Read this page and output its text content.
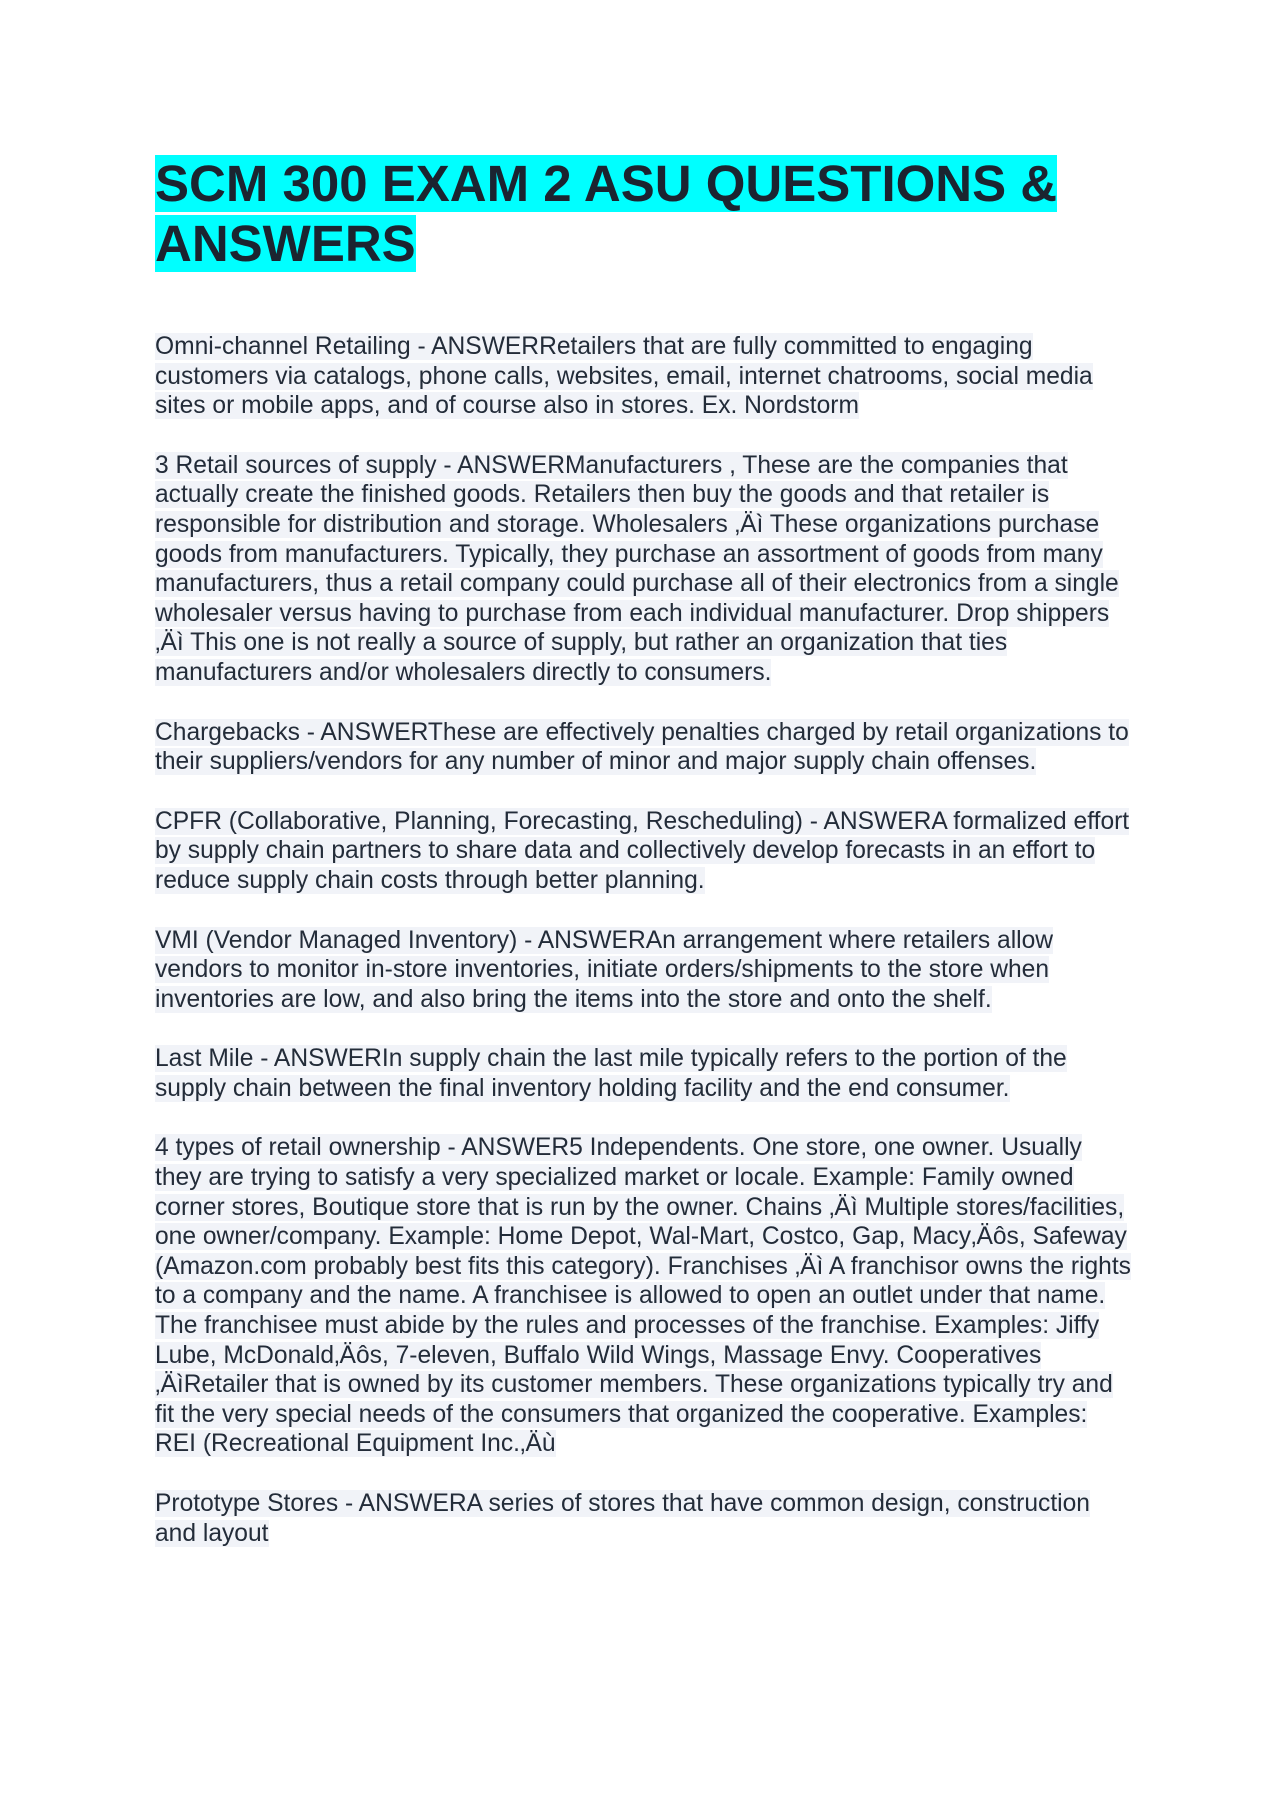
SCM 300 EXAM 2 ASU QUESTIONS & ANSWERS

Omni-channel Retailing - ANSWERRetailers that are fully committed to engaging customers via catalogs, phone calls, websites, email, internet chatrooms, social media sites or mobile apps, and of course also in stores. Ex. Nordstorm

3 Retail sources of supply - ANSWERManufacturers , These are the companies that actually create the finished goods. Retailers then buy the goods and that retailer is responsible for distribution and storage. Wholesalers ‚Äì These organizations purchase goods from manufacturers. Typically, they purchase an assortment of goods from many manufacturers, thus a retail company could purchase all of their electronics from a single wholesaler versus having to purchase from each individual manufacturer. Drop shippers ‚Äì This one is not really a source of supply, but rather an organization that ties manufacturers and/or wholesalers directly to consumers.

Chargebacks - ANSWERThese are effectively penalties charged by retail organizations to their suppliers/vendors for any number of minor and major supply chain offenses.

CPFR (Collaborative, Planning, Forecasting, Rescheduling) - ANSWERA formalized effort by supply chain partners to share data and collectively develop forecasts in an effort to reduce supply chain costs through better planning.

VMI (Vendor Managed Inventory) - ANSWERAn arrangement where retailers allow vendors to monitor in-store inventories, initiate orders/shipments to the store when inventories are low, and also bring the items into the store and onto the shelf.

Last Mile - ANSWERIn supply chain the last mile typically refers to the portion of the supply chain between the final inventory holding facility and the end consumer.

4 types of retail ownership - ANSWER5 Independents. One store, one owner. Usually they are trying to satisfy a very specialized market or locale. Example: Family owned corner stores, Boutique store that is run by the owner. Chains ‚Äì Multiple stores/facilities, one owner/company. Example: Home Depot, Wal-Mart, Costco, Gap, Macy‚Äôs, Safeway (Amazon.com probably best fits this category). Franchises ‚Äì A franchisor owns the rights to a company and the name. A franchisee is allowed to open an outlet under that name. The franchisee must abide by the rules and processes of the franchise. Examples: Jiffy Lube, McDonald‚Äôs, 7-eleven, Buffalo Wild Wings, Massage Envy. Cooperatives ‚ÄìRetailer that is owned by its customer members. These organizations typically try and fit the very special needs of the consumers that organized the cooperative. Examples: REI (Recreational Equipment Inc.‚Äù

Prototype Stores - ANSWERA series of stores that have common design, construction and layout
